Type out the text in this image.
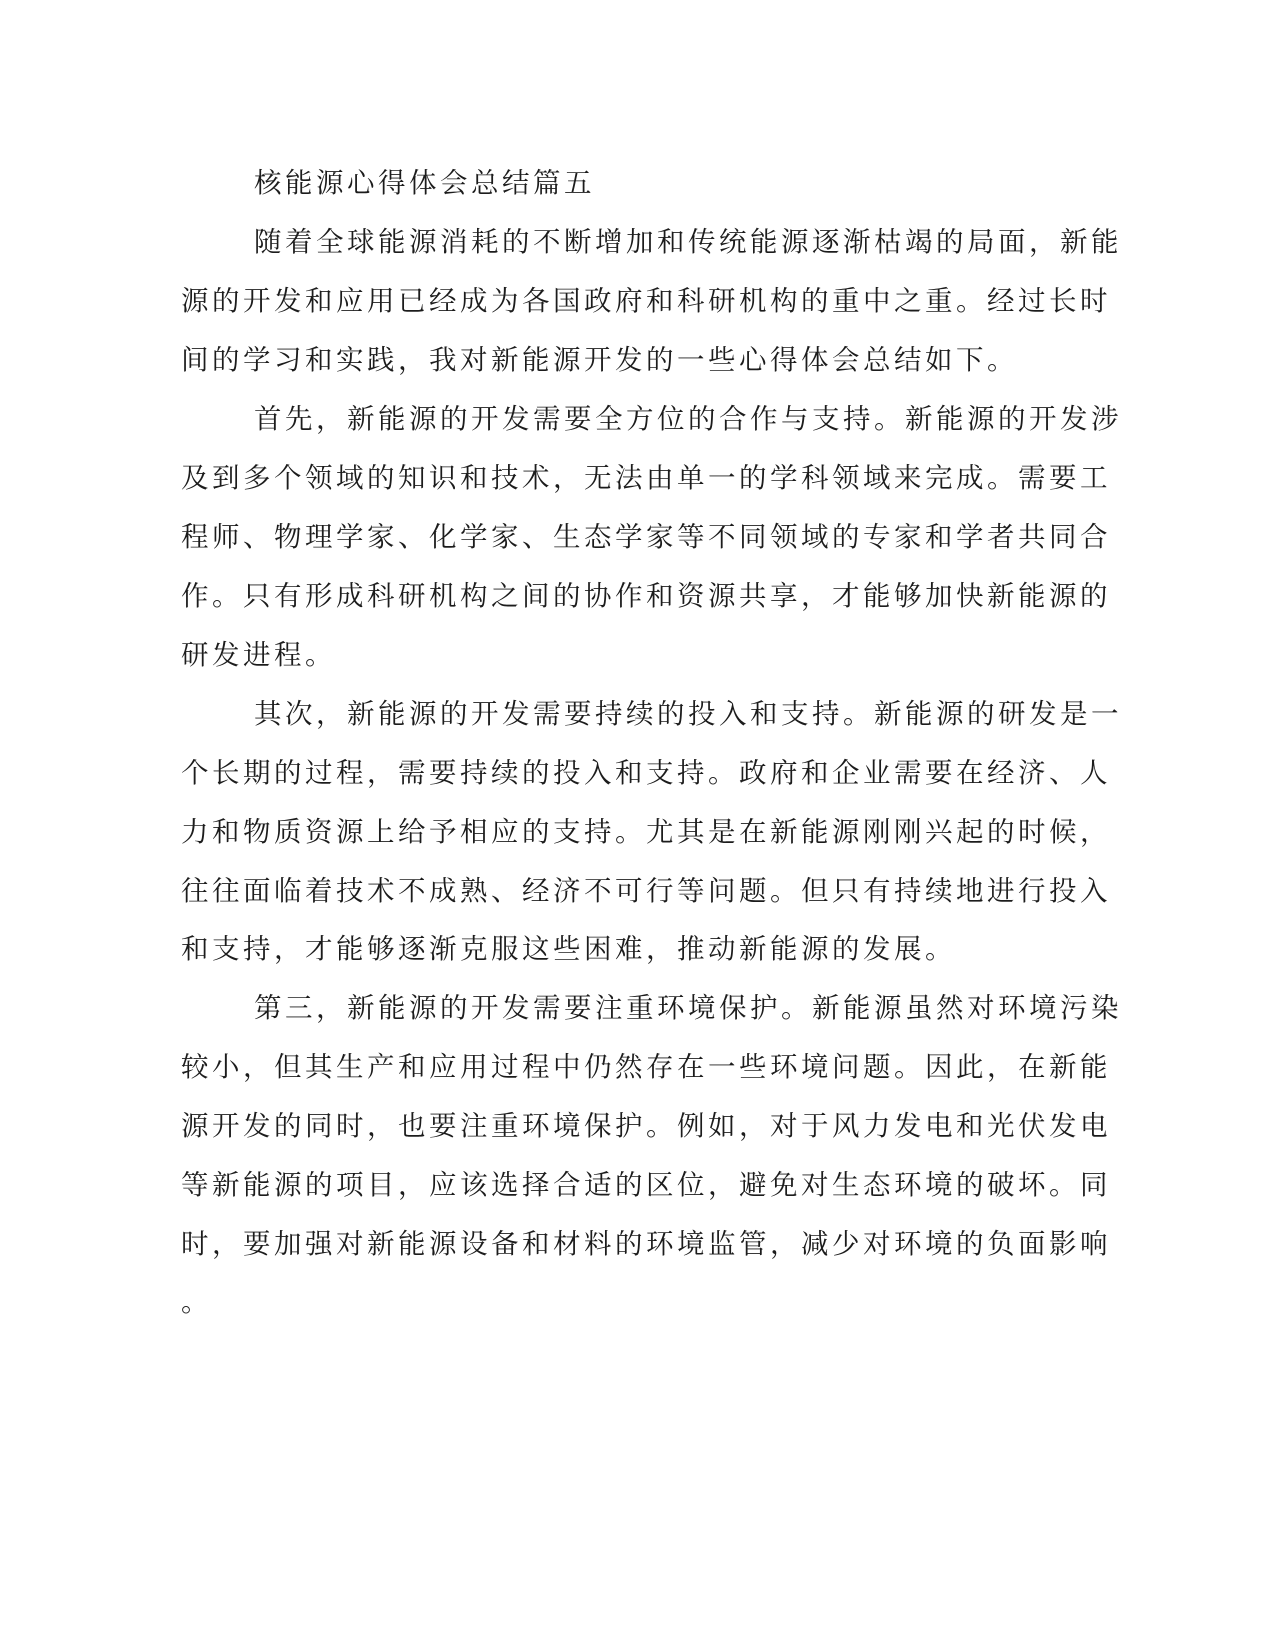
核能源心得体会总结篇五
随着全球能源消耗的不断增加和传统能源逐渐枯竭的局面，新能
源的开发和应用已经成为各国政府和科研机构的重中之重。经过长时
间的学习和实践，我对新能源开发的一些心得体会总结如下。
首先，新能源的开发需要全方位的合作与支持。新能源的开发涉
及到多个领域的知识和技术，无法由单一的学科领域来完成。需要工
程师、物理学家、化学家、生态学家等不同领域的专家和学者共同合
作。只有形成科研机构之间的协作和资源共享，才能够加快新能源的
研发进程。
其次，新能源的开发需要持续的投入和支持。新能源的研发是一
个长期的过程，需要持续的投入和支持。政府和企业需要在经济、人
力和物质资源上给予相应的支持。尤其是在新能源刚刚兴起的时候，
往往面临着技术不成熟、经济不可行等问题。但只有持续地进行投入
和支持，才能够逐渐克服这些困难，推动新能源的发展。
第三，新能源的开发需要注重环境保护。新能源虽然对环境污染
较小，但其生产和应用过程中仍然存在一些环境问题。因此，在新能
源开发的同时，也要注重环境保护。例如，对于风力发电和光伏发电
等新能源的项目，应该选择合适的区位，避免对生态环境的破坏。同
时，要加强对新能源设备和材料的环境监管，减少对环境的负面影响
。
